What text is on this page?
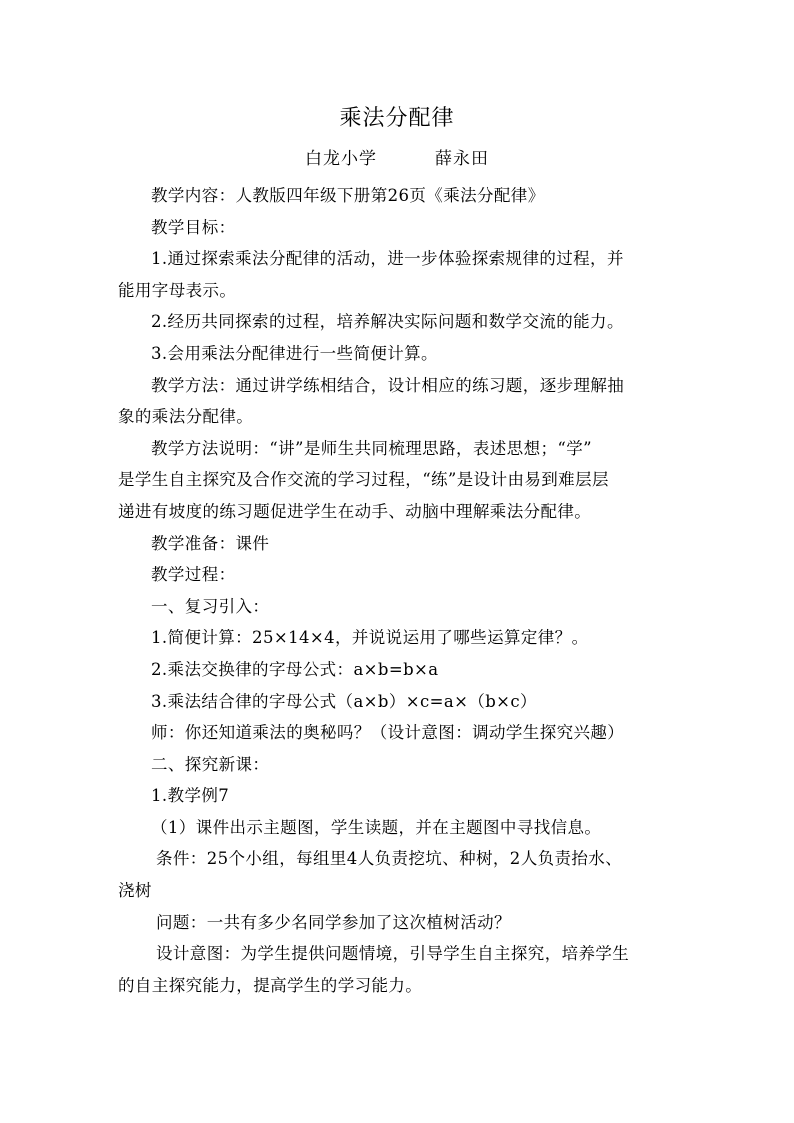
乘法分配律
白龙小学	薛永田

教学内容：人教版四年级下册第26页《乘法分配律》

教学目标：

1.通过探索乘法分配律的活动，进一步体验探索规律的过程，并

能用字母表示。

2.经历共同探索的过程，培养解决实际问题和数学交流的能力。

3.会用乘法分配律进行一些简便计算。

教学方法：通过讲学练相结合，设计相应的练习题，逐步理解抽

象的乘法分配律。

教学方法说明：“讲”是师生共同梳理思路，表述思想；“学”

是学生自主探究及合作交流的学习过程，“练”是设计由易到难层层

递进有坡度的练习题促进学生在动手、动脑中理解乘法分配律。

教学准备：课件

教学过程：

一、复习引入：

1.简便计算：25×14×4，并说说运用了哪些运算定律？。

2.乘法交换律的字母公式：a×b=b×a

3.乘法结合律的字母公式（a×b）×c=a×（b×c）

师：你还知道乘法的奥秘吗？（设计意图：调动学生探究兴趣）

二、探究新课：

1.教学例7

（1）课件出示主题图，学生读题，并在主题图中寻找信息。

条件：25个小组，每组里4人负责挖坑、种树，2人负责抬水、

浇树

问题：一共有多少名同学参加了这次植树活动？

设计意图：为学生提供问题情境，引导学生自主探究，培养学生

的自主探究能力，提高学生的学习能力。
